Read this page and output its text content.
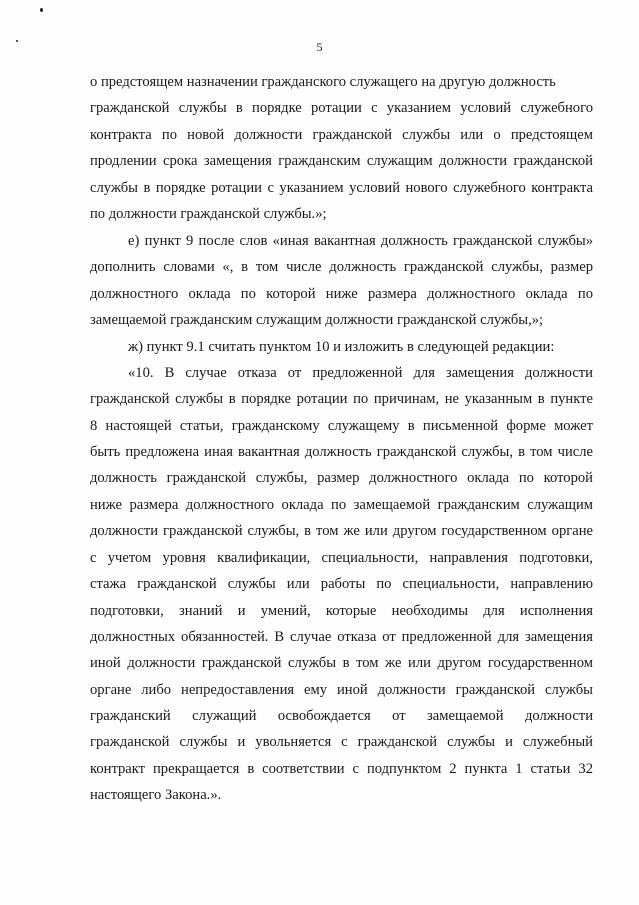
5
о предстоящем назначении гражданского служащего на другую должность
гражданской службы в порядке ротации с указанием условий служебного
контракта по новой должности гражданской службы или о предстоящем
продлении срока замещения гражданским служащим должности гражданской
службы в порядке ротации с указанием условий нового служебного контракта
по должности гражданской службы.»;
е) пункт 9 после слов «иная вакантная должность гражданской службы»
дополнить словами «, в том числе должность гражданской службы, размер
должностного оклада по которой ниже размера должностного оклада по
замещаемой гражданским служащим должности гражданской службы,»;
ж) пункт 9.1 считать пунктом 10 и изложить в следующей редакции:
«10. В случае отказа от предложенной для замещения должности
гражданской службы в порядке ротации по причинам, не указанным в пункте
8 настоящей статьи, гражданскому служащему в письменной форме может
быть предложена иная вакантная должность гражданской службы, в том числе
должность гражданской службы, размер должностного оклада по которой
ниже размера должностного оклада по замещаемой гражданским служащим
должности гражданской службы, в том же или другом государственном органе
с учетом уровня квалификации, специальности, направления подготовки,
стажа гражданской службы или работы по специальности, направлению
подготовки, знаний и умений, которые необходимы для исполнения
должностных обязанностей. В случае отказа от предложенной для замещения
иной должности гражданской службы в том же или другом государственном
органе либо непредоставления ему иной должности гражданской службы
гражданский служащий освобождается от замещаемой должности
гражданской службы и увольняется с гражданской службы и служебный
контракт прекращается в соответствии с подпунктом 2 пункта 1 статьи 32
настоящего Закона.».
